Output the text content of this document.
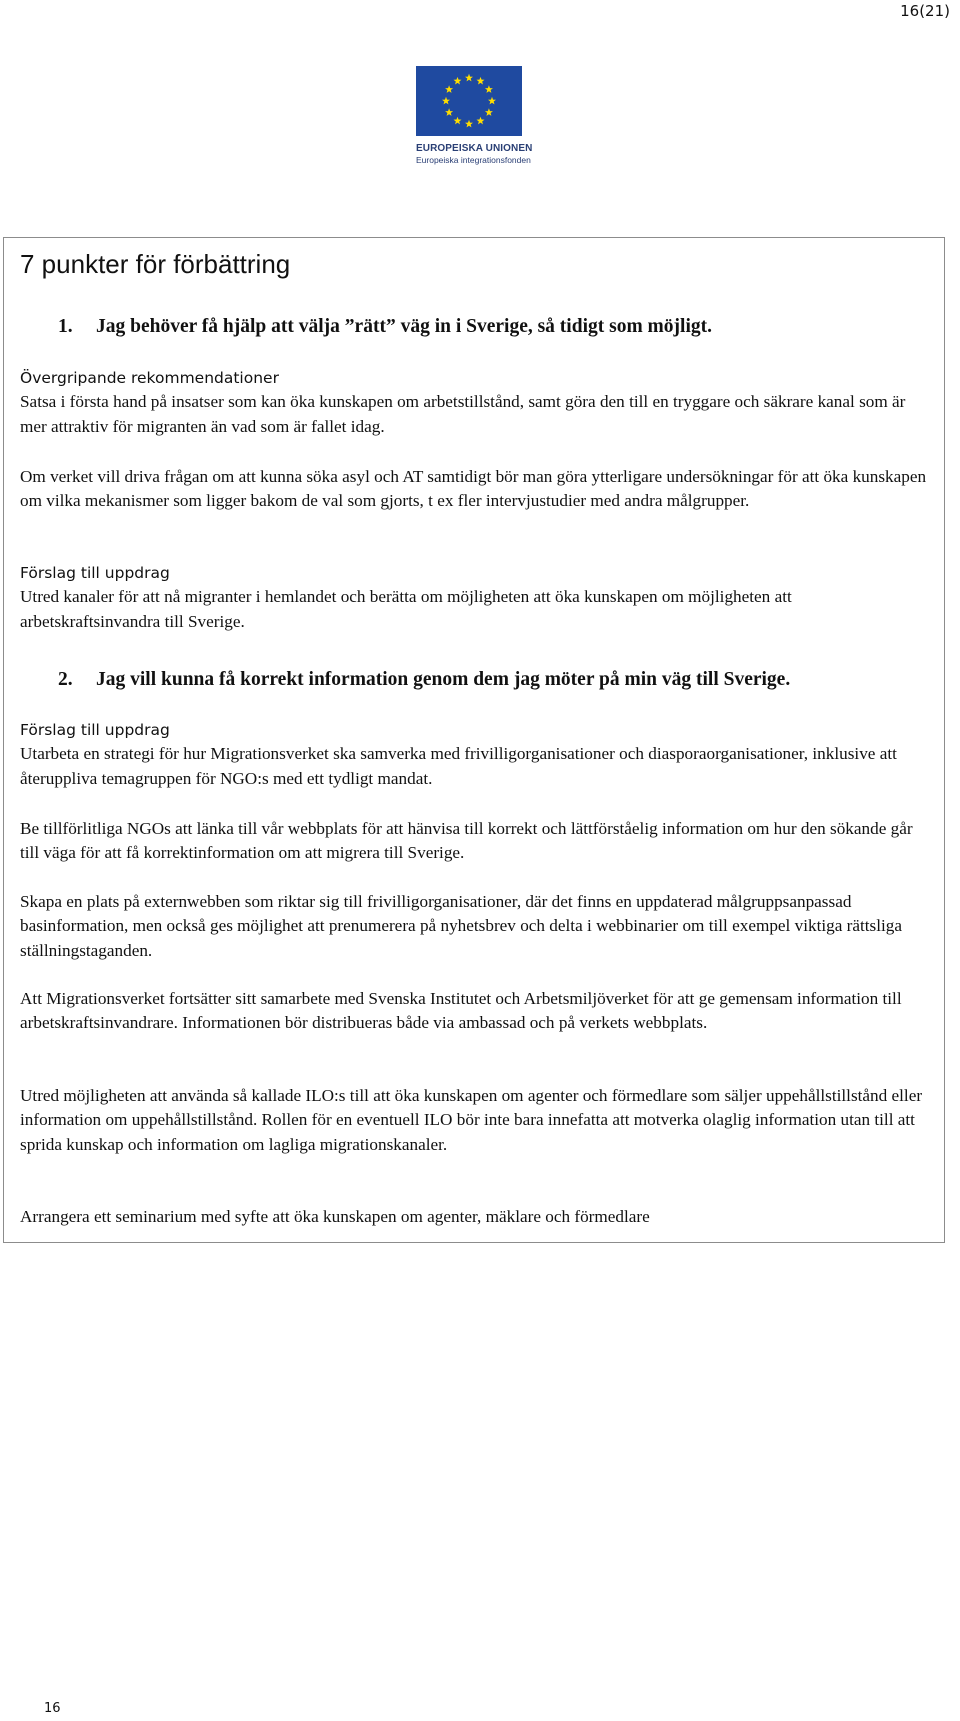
16(21)
EUROPEISKA UNIONEN
Europeiska integrationsfonden
7 punkter för förbättring
1. Jag behöver få hjälp att välja ”rätt” väg in i Sverige, så tidigt som möjligt.
Övergripande rekommendationer
Satsa i första hand på insatser som kan öka kunskapen om arbetstillstånd, samt göra den till en tryggare och säkrare kanal som är mer attraktiv för migranten än vad som är fallet idag.

Om verket vill driva frågan om att kunna söka asyl och AT samtidigt bör man göra ytterligare undersökningar för att öka kunskapen om vilka mekanismer som ligger bakom de val som gjorts, t ex fler intervjustudier med andra målgrupper.

Förslag till uppdrag
Utred kanaler för att nå migranter i hemlandet och berätta om möjligheten att öka kunskapen om möjligheten att arbetskraftsinvandra till Sverige.
2. Jag vill kunna få korrekt information genom dem jag möter på min väg till Sverige.
Förslag till uppdrag
Utarbeta en strategi för hur Migrationsverket ska samverka med frivilligorganisationer och diasporaorganisationer, inklusive att återuppliva temagruppen för NGO:s med ett tydligt mandat.

Be tillförlitliga NGOs att länka till vår webbplats för att hänvisa till korrekt och lättförståelig information om hur den sökande går till väga för att få korrektinformation om att migrera till Sverige.

Skapa en plats på externwebben som riktar sig till frivilligorganisationer, där det finns en uppdaterad målgruppsanpassad basinformation, men också ges möjlighet att prenumerera på nyhetsbrev och delta i webbinarier om till exempel viktiga rättsliga ställningstaganden.

Att Migrationsverket fortsätter sitt samarbete med Svenska Institutet och Arbetsmiljöverket för att ge gemensam information till arbetskraftsinvandrare. Informationen bör distribueras både via ambassad och på verkets webbplats.

Utred möjligheten att använda så kallade ILO:s till att öka kunskapen om agenter och förmedlare som säljer uppehållstillstånd eller information om uppehållstillstånd. Rollen för en eventuell ILO bör inte bara innefatta att motverka olaglig information utan till att sprida kunskap och information om lagliga migrationskanaler.

Arrangera ett seminarium med syfte att öka kunskapen om agenter, mäklare och förmedlare

16
